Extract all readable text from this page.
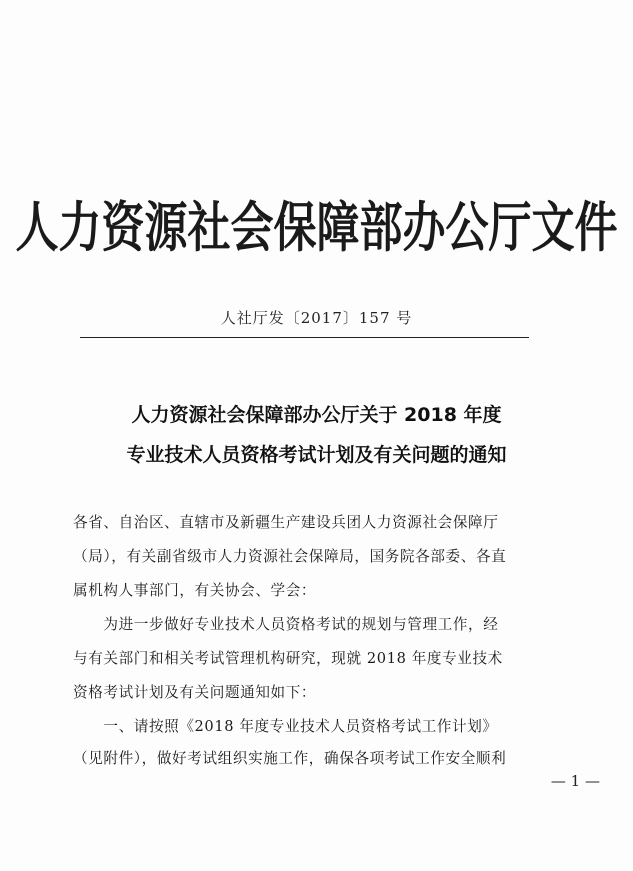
人力资源社会保障部办公厅文件
人社厅发〔2017〕157 号
人力资源社会保障部办公厅关于 2018 年度
专业技术人员资格考试计划及有关问题的通知
各省、自治区、直辖市及新疆生产建设兵团人力资源社会保障厅
（局），有关副省级市人力资源社会保障局，国务院各部委、各直
属机构人事部门，有关协会、学会：
　　为进一步做好专业技术人员资格考试的规划与管理工作，经
与有关部门和相关考试管理机构研究，现就 2018 年度专业技术
资格考试计划及有关问题通知如下：
　　一、请按照《2018 年度专业技术人员资格考试工作计划》
（见附件），做好考试组织实施工作，确保各项考试工作安全顺利
— 1 —
